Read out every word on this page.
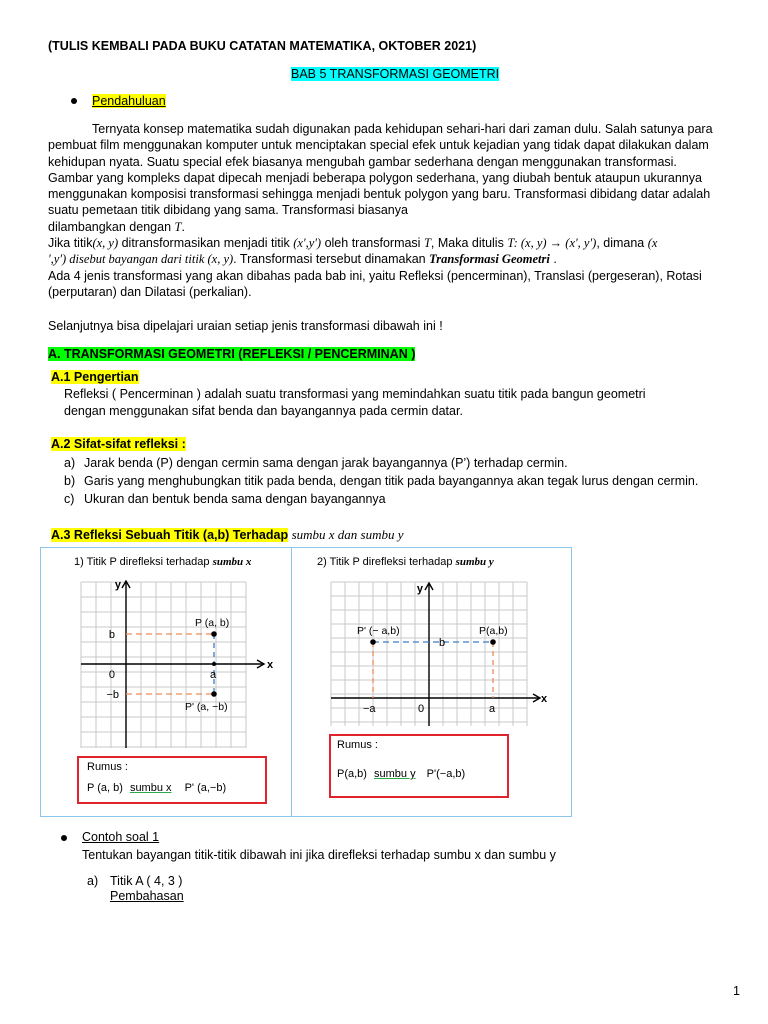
(TULIS KEMBALI PADA BUKU CATATAN MATEMATIKA, OKTOBER 2021)
BAB 5 TRANSFORMASI GEOMETRI
Pendahuluan

Ternyata konsep matematika sudah digunakan pada kehidupan sehari-hari dari zaman dulu. Salah satunya para

pembuat film menggunakan komputer untuk menciptakan special efek untuk kejadian yang tidak dapat dilakukan dalam

kehidupan nyata. Suatu special efek biasanya mengubah gambar sederhana dengan menggunakan transformasi.

Gambar yang kompleks dapat dipecah menjadi beberapa polygon sederhana, yang diubah bentuk ataupun ukurannya

menggunakan komposisi transformasi sehingga menjadi bentuk polygon yang baru. Transformasi dibidang datar adalah

suatu pemetaan titik dibidang yang sama. Transformasi biasanya

dilambangkan dengan T.

Jika titik(x, y) ditransformasikan menjadi titik (x',y') oleh transformasi T, Maka ditulis T: (x, y) → (x', y'), dimana (x

',y') disebut bayangan dari titik (x, y). Transformasi tersebut dinamakan Transformasi Geometri .

Ada 4 jenis transformasi yang akan dibahas pada bab ini, yaitu Refleksi (pencerminan), Translasi (pergeseran), Rotasi

(perputaran) dan Dilatasi (perkalian).

Selanjutnya bisa dipelajari uraian setiap jenis transformasi dibawah ini !
A. TRANSFORMASI GEOMETRI (REFLEKSI / PENCERMINAN )
A.1 Pengertian

Refleksi ( Pencerminan ) adalah suatu transformasi yang memindahkan suatu titik pada bangun geometri

dengan menggunakan sifat benda dan bayangannya pada cermin datar.

A.2 Sifat-sifat refleksi :
a) Jarak benda (P) dengan cermin sama dengan jarak bayangannya (P’) terhadap cermin.
b) Garis yang menghubungkan titik pada benda, dengan titik pada bayangannya akan tegak lurus dengan cermin.
c) Ukuran dan bentuk benda sama dengan bayangannya
A.3 Refleksi Sebuah Titik (a,b) Terhadap sumbu x dan sumbu y
1) Titik P direfleksi terhadap sumbu x
y
x
b
0	a
−b
P (a, b)
P' (a, −b)
Rumus :
P (a, b) sumbu x P' (a,−b)
2) Titik P direfleksi terhadap sumbu y
y
x
b
0	a
−a
P(a,b)
P' (− a,b)
Rumus :
P(a,b) sumbu y P'(−a,b)
Contoh soal 1
Tentukan bayangan titik-titik dibawah ini jika direfleksi terhadap sumbu x dan sumbu y
a) Titik A ( 4, 3 )
Pembahasan
1
